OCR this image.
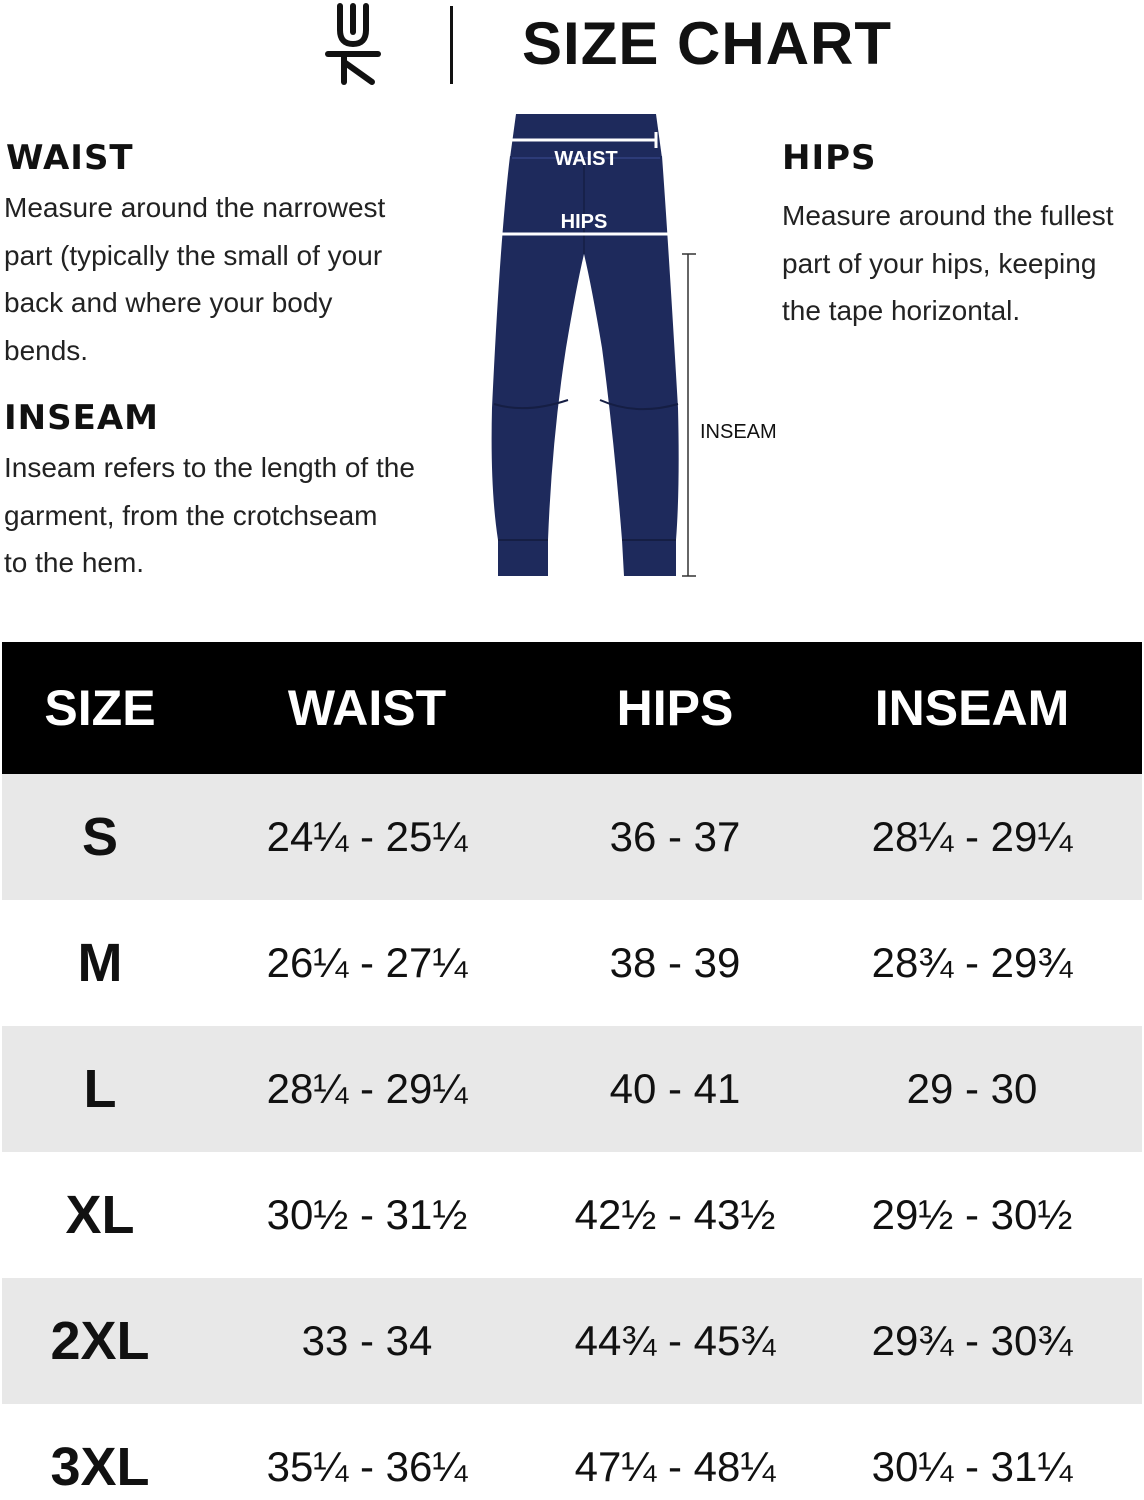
SIZE CHART
WAIST
Measure around the narrowest
part (typically the small of your
back and where your body
bends.
INSEAM
Inseam refers to the length of the
garment, from the crotchseam
to the hem.
HIPS
Measure around the fullest
part of your hips, keeping
the tape horizontal.
WAIST
HIPS
INSEAM
SIZE	WAIST	HIPS	INSEAM
S	24¼ - 25¼	36 - 37	28¼ - 29¼
M	26¼ - 27¼	38 - 39	28¾ - 29¾
L	28¼ - 29¼	40 - 41	29 - 30
XL	30½ - 31½	42½ - 43½	29½ - 30½
2XL	33 - 34	44¾ - 45¾	29¾ - 30¾
3XL	35¼ - 36¼	47¼ - 48¼	30¼ - 31¼
